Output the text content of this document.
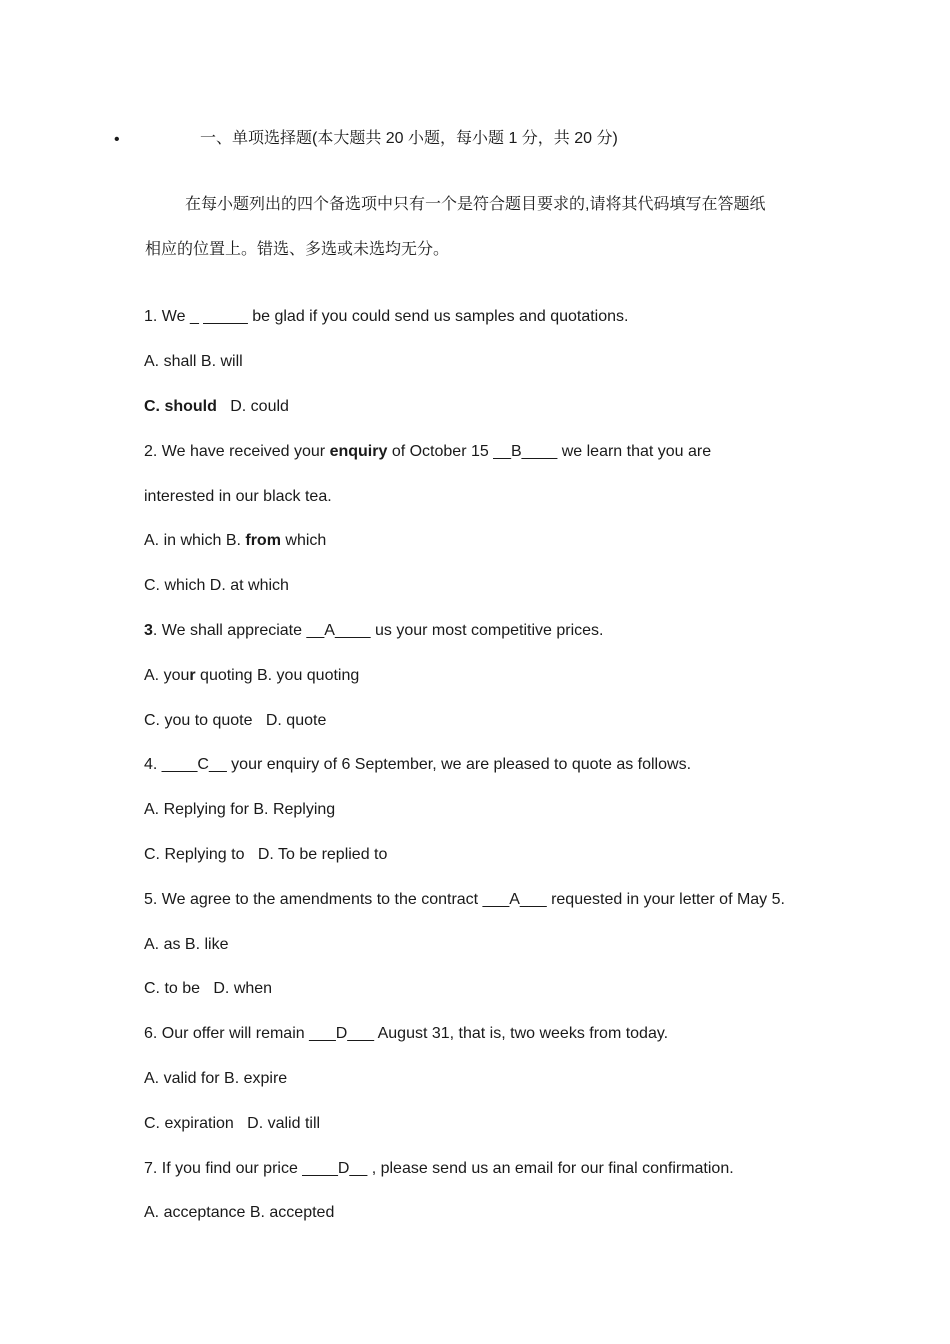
•	一、单项选择题(本大题共 20 小题，每小题 1 分，共 20 分)
在每小题列出的四个备选项中只有一个是符合题目要求的,请将其代码填写在答题纸
相应的位置上。错选、多选或未选均无分。
1. We _ _____ be glad if you could send us samples and quotations.
A. shall B. will
C. should D. could
2. We have received your enquiry of October 15 __B____ we learn that you are
interested in our black tea.
A. in which B. from which
C. which D. at which
3. We shall appreciate __A____ us your most competitive prices.
A. your quoting B. you quoting
C. you to quote   D. quote
4. ____C__ your enquiry of 6 September, we are pleased to quote as follows.
A. Replying for B. Replying
C. Replying to   D. To be replied to
5. We agree to the amendments to the contract ___A___ requested in your letter of May 5.
A. as B. like
C. to be   D. when
6. Our offer will remain ___D___ August 31, that is, two weeks from today.
A. valid for B. expire
C. expiration   D. valid till
7. If you find our price ____D__ , please send us an email for our final confirmation.
A. acceptance B. accepted
